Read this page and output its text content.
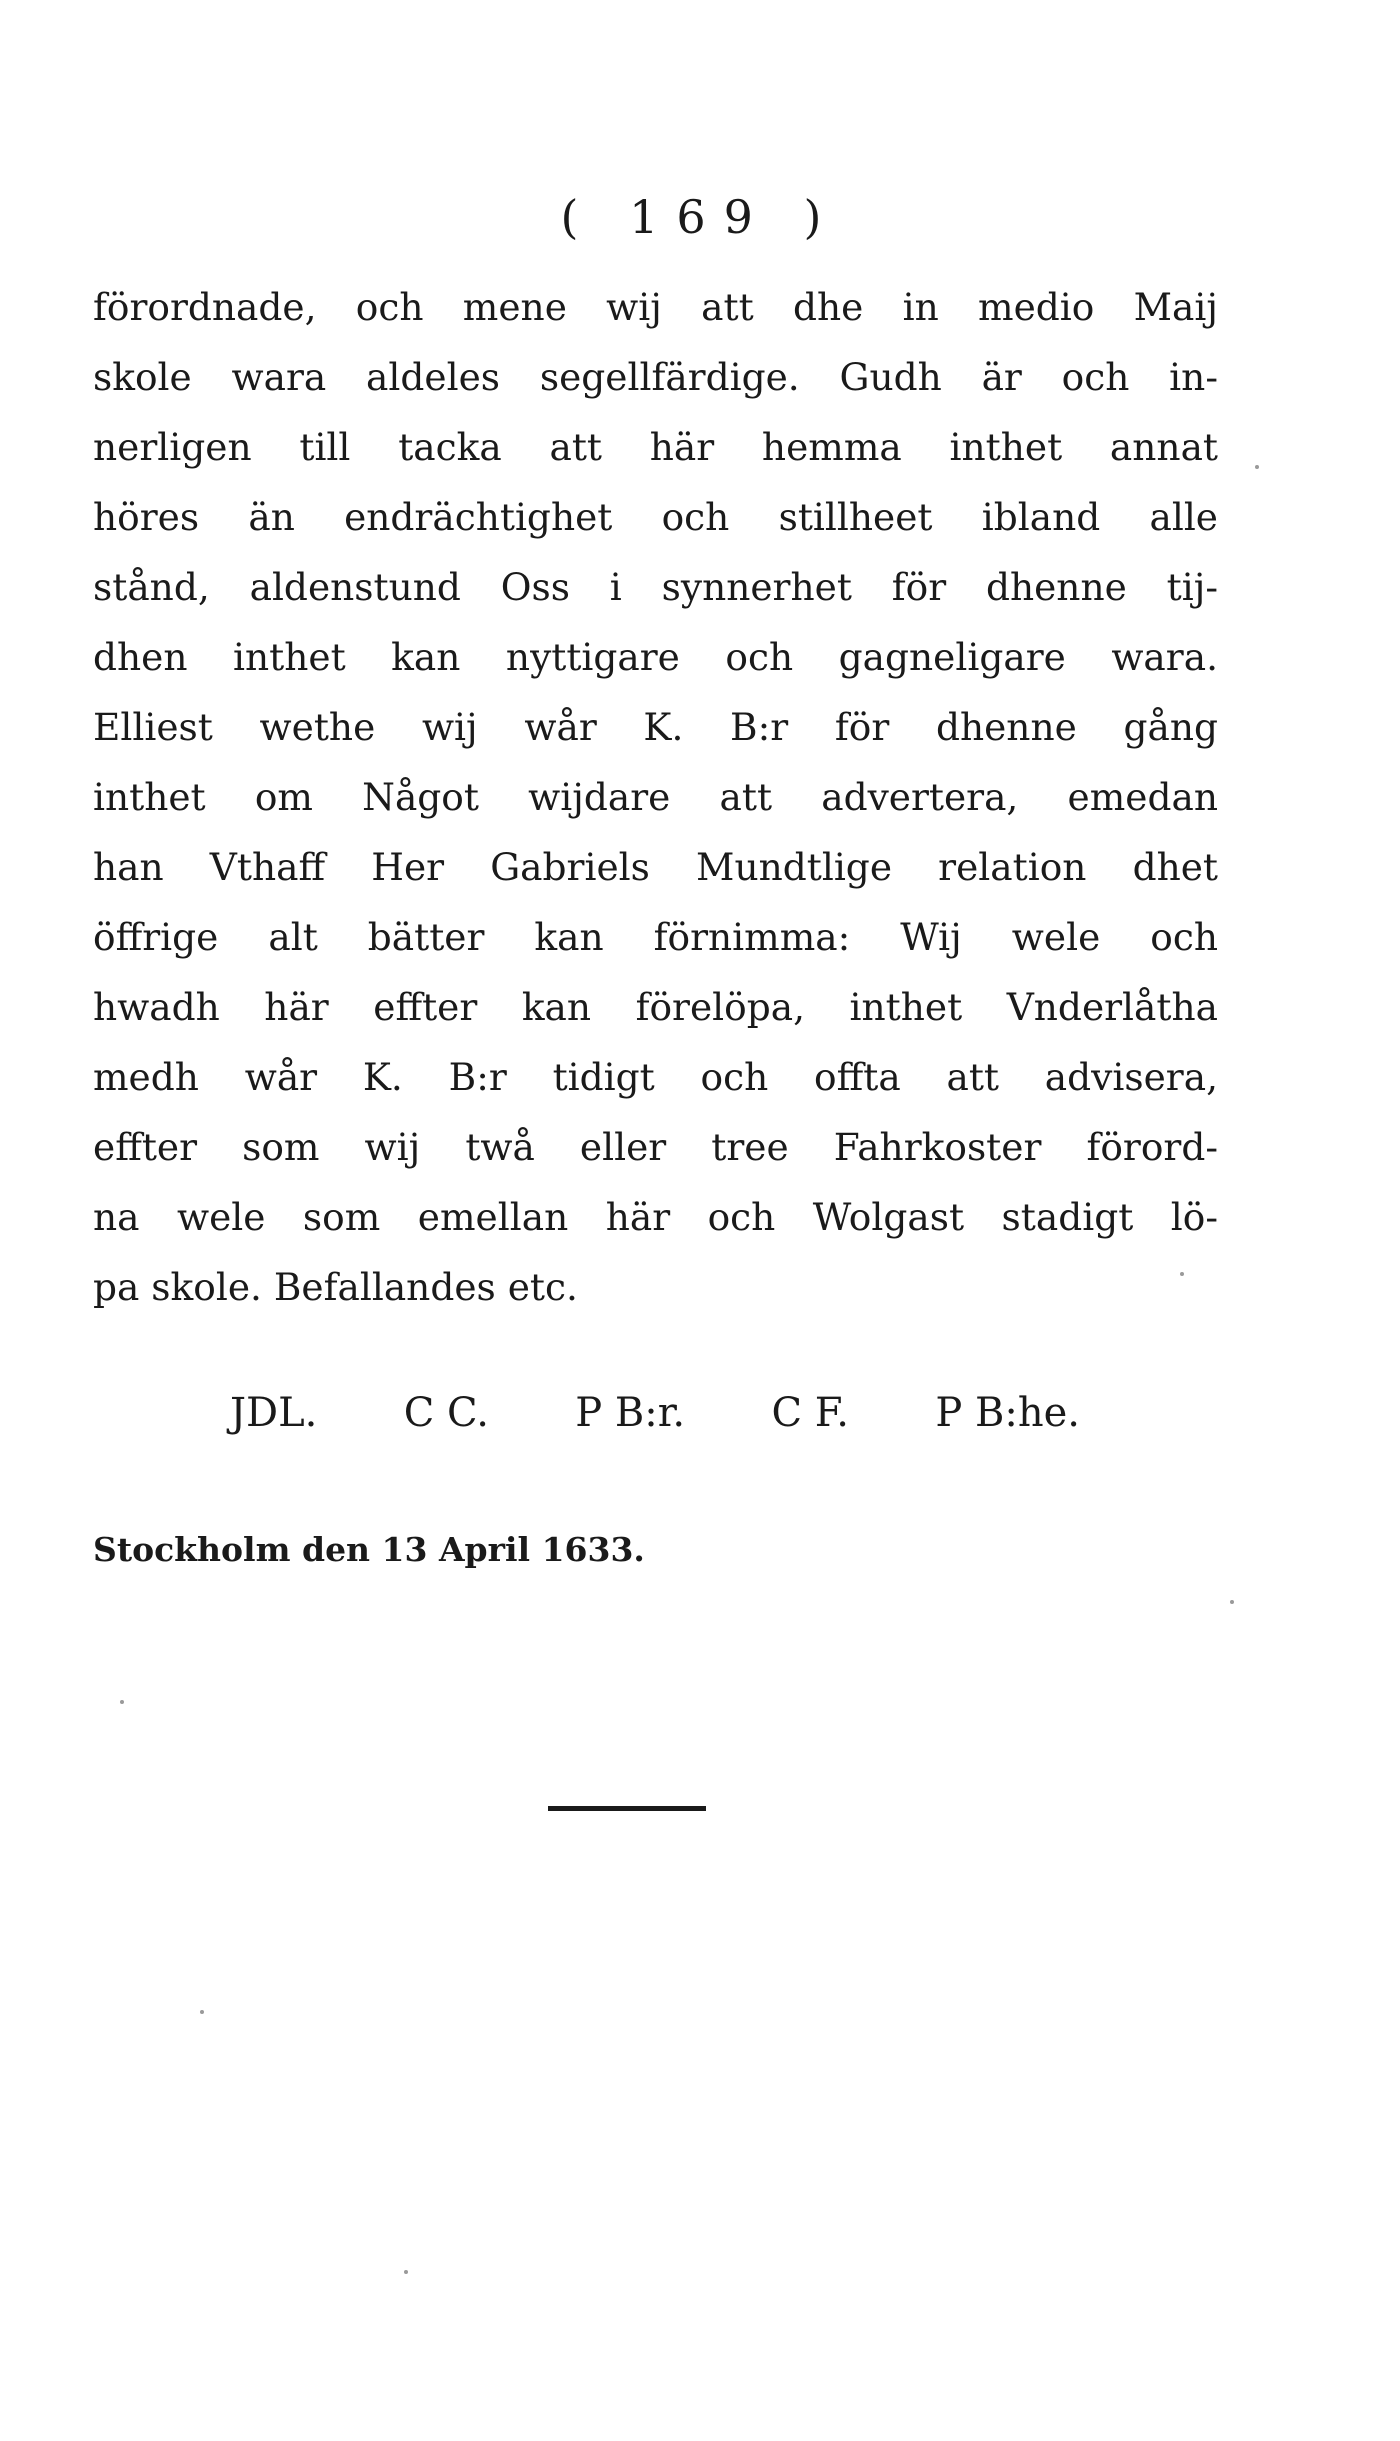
( 169 )
förordnade, och mene wij att dhe in medio Maij
skole wara aldeles segellfärdige. Gudh är och in-
nerligen till tacka att här hemma inthet annat
höres än endrächtighet och stillheet ibland alle
stånd, aldenstund Oss i synnerhet för dhenne tij-
dhen inthet kan nyttigare och gagneligare wara.
Elliest wethe wij wår K. B:r för dhenne gång
inthet om Något wijdare att advertera, emedan
han Vthaff Her Gabriels Mundtlige relation dhet
öffrige alt bätter kan förnimma: Wij wele och
hwadh här effter kan förelöpa, inthet Vnderlåtha
medh wår K. B:r tidigt och offta att advisera,
effter som wij twå eller tree Fahrkoster förord-
na wele som emellan här och Wolgast stadigt lö-
pa skole. Befallandes etc.
JDL. C C. P B:r. C F. P B:he.
Stockholm den 13 April 1633.
